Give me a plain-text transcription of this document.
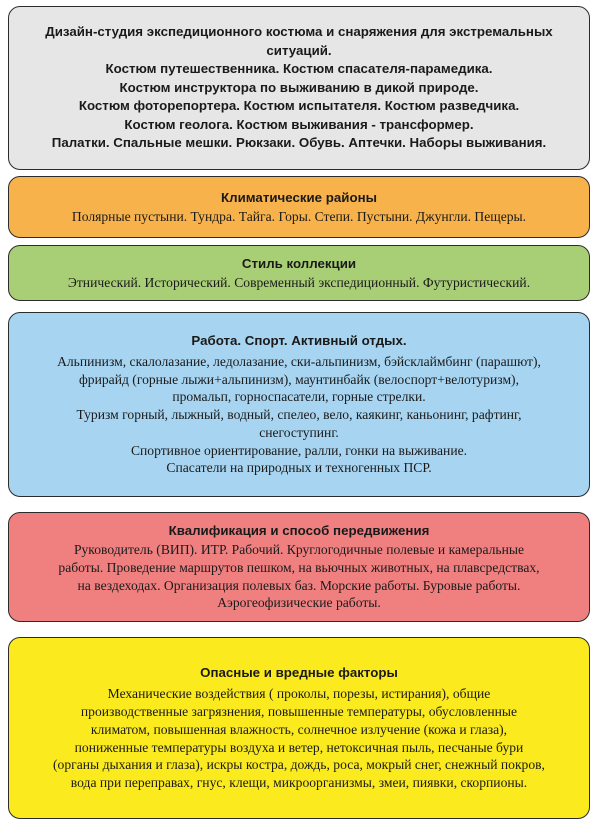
Дизайн-студия экспедиционного костюма и снаряжения для экстремальных ситуаций.
Костюм путешественника. Костюм спасателя-парамедика.
Костюм инструктора по выживанию в дикой природе.
Костюм фоторепортера. Костюм испытателя. Костюм разведчика.
Костюм геолога. Костюм выживания - трансформер.
Палатки. Спальные мешки. Рюкзаки. Обувь. Аптечки. Наборы выживания.
Климатические районы
Полярные пустыни. Тундра. Тайга. Горы. Степи. Пустыни. Джунгли. Пещеры.
Стиль коллекции
Этнический. Исторический. Современный экспедиционный. Футуристический.
Работа. Спорт. Активный отдых.
Альпинизм, скалолазание, ледолазание, ски-альпинизм, бэйсклаймбинг (парашют),
фрирайд (горные лыжи+альпинизм), маунтинбайк (велоспорт+велотуризм),
промальп, горноспасатели, горные стрелки.
Туризм горный, лыжный, водный, спелео, вело, каякинг, каньонинг, рафтинг,
снегоступинг.
Спортивное ориентирование, ралли, гонки на выживание.
Спасатели на природных и техногенных ПСР.
Квалификация и способ передвижения
Руководитель (ВИП). ИТР. Рабочий. Круглогодичные полевые и камеральные
работы. Проведение маршрутов пешком, на вьючных животных, на плавсредствах,
на вездеходах. Организация полевых баз. Морские работы. Буровые работы.
Аэрогеофизические работы.
Опасные и вредные факторы
Механические воздействия ( проколы, порезы, истирания), общие
производственные загрязнения, повышенные температуры, обусловленные
климатом, повышенная влажность, солнечное излучение (кожа и глаза),
пониженные температуры воздуха и ветер, нетоксичная пыль, песчаные бури
(органы дыхания и глаза), искры костра, дождь, роса, мокрый снег, снежный покров,
вода при переправах, гнус, клещи, микроорганизмы, змеи, пиявки, скорпионы.
